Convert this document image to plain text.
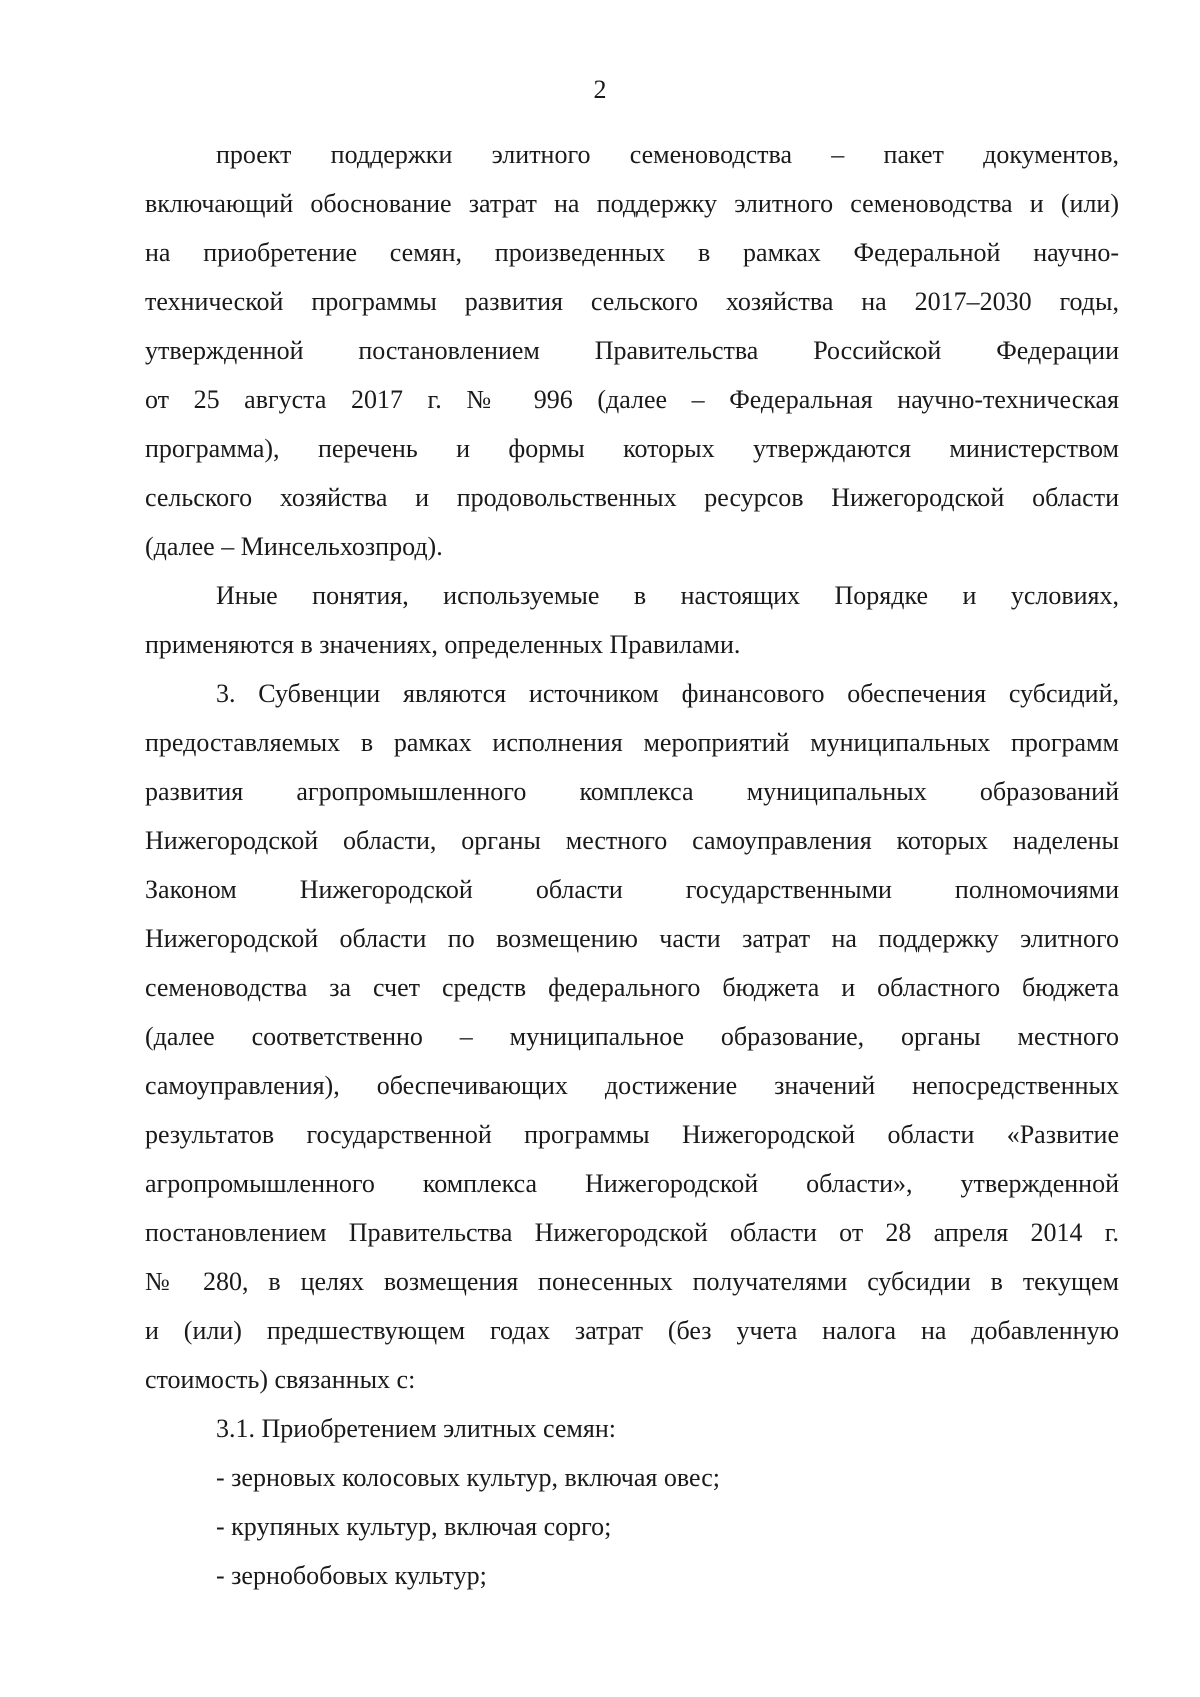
2

проект поддержки элитного семеноводства – пакет документов,

включающий обоснование затрат на поддержку элитного семеноводства и (или)

на приобретение семян, произведенных в рамках Федеральной научно-

технической программы развития сельского хозяйства на 2017–2030 годы,

утвержденной постановлением Правительства Российской Федерации

от 25 августа 2017 г. № 996 (далее – Федеральная научно-техническая

программа), перечень и формы которых утверждаются министерством

сельского хозяйства и продовольственных ресурсов Нижегородской области

(далее – Минсельхозпрод).

Иные понятия, используемые в настоящих Порядке и условиях,

применяются в значениях, определенных Правилами.

3. Субвенции являются источником финансового обеспечения субсидий,

предоставляемых в рамках исполнения мероприятий муниципальных программ

развития агропромышленного комплекса муниципальных образований

Нижегородской области, органы местного самоуправления которых наделены

Законом Нижегородской области государственными полномочиями

Нижегородской области по возмещению части затрат на поддержку элитного

семеноводства за счет средств федерального бюджета и областного бюджета

(далее соответственно – муниципальное образование, органы местного

самоуправления), обеспечивающих достижение значений непосредственных

результатов государственной программы Нижегородской области «Развитие

агропромышленного комплекса Нижегородской области», утвержденной

постановлением Правительства Нижегородской области от 28 апреля 2014 г.

№ 280, в целях возмещения понесенных получателями субсидии в текущем

и (или) предшествующем годах затрат (без учета налога на добавленную

стоимость) связанных с:

3.1. Приобретением элитных семян:

- зерновых колосовых культур, включая овес;

- крупяных культур, включая сорго;

- зернобобовых культур;
